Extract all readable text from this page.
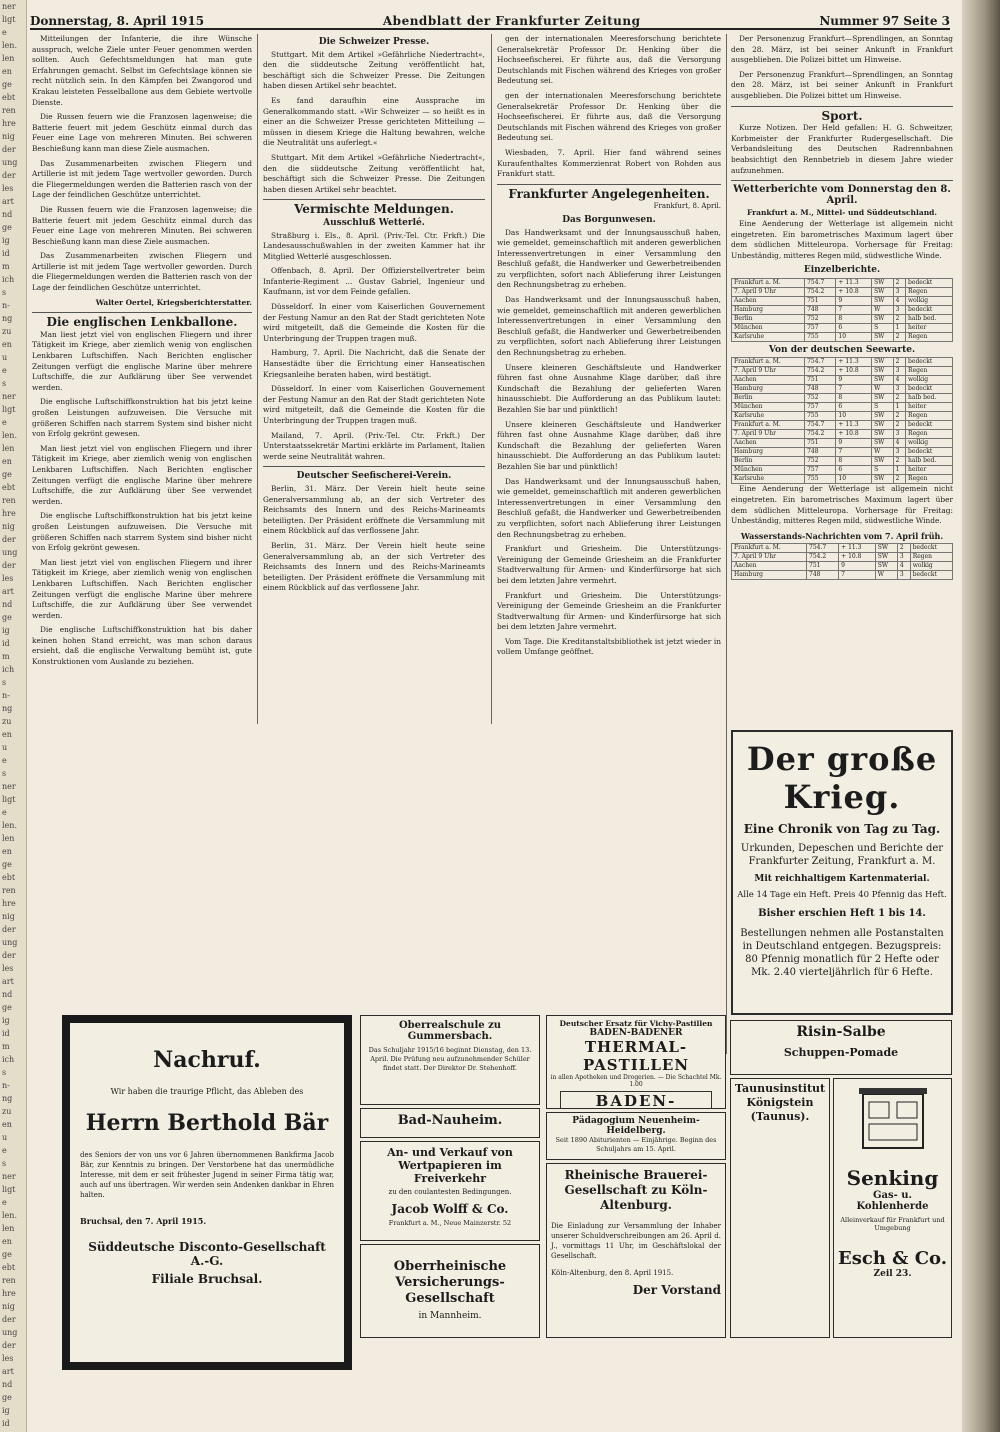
ner
ligt
e
len.
len
en
ge
ebt
ren
hre
nig
der
ung
der
les
art
nd
ge
ig
id
m
ich
s
n-
ng
zu
en
u
e
s
ner
ligt
e
len.
len
en
ge
ebt
ren
hre
nig
der
ung
der
les
art
nd
ge
ig
id
m
ich
s
n-
ng
zu
en
u
e
s
ner
ligt
e
len.
len
en
ge
ebt
ren
hre
nig
der
ung
der
les
art
nd
ge
ig
id
m
ich
s
n-
ng
zu
en
u
e
s
ner
ligt
e
len.
len
en
ge
ebt
ren
hre
nig
der
ung
der
les
art
nd
ge
ig
id
Donnerstag, 8. April 1915	Abendblatt der Frankfurter Zeitung	Nummer 97 Seite 3

Mitteilungen der Infanterie, die ihre Wünsche ausspruch, welche Ziele unter Feuer genommen werden sollten. Auch Gefechtsmeldungen hat man gute Erfahrungen gemacht. Selbst im Gefechtslage können sie recht nützlich sein. In den Kämpfen bei Zwangorod und Krakau leisteten Fesselballone aus dem Gebiete wertvolle Dienste.

Die Russen feuern wie die Franzosen lagenweise; die Batterie feuert mit jedem Geschütz einmal durch das Feuer eine Lage von mehreren Minuten. Bei schweren Beschießung kann man diese Ziele ausmachen.

Das Zusammenarbeiten zwischen Fliegern und Artillerie ist mit jedem Tage wertvoller geworden. Durch die Fliegermeldungen werden die Batterien rasch von der Lage der feindlichen Geschütze unterrichtet.

Die Russen feuern wie die Franzosen lagenweise; die Batterie feuert mit jedem Geschütz einmal durch das Feuer eine Lage von mehreren Minuten. Bei schweren Beschießung kann man diese Ziele ausmachen.

Das Zusammenarbeiten zwischen Fliegern und Artillerie ist mit jedem Tage wertvoller geworden. Durch die Fliegermeldungen werden die Batterien rasch von der Lage der feindlichen Geschütze unterrichtet.

Walter Oertel, Kriegsberichterstatter.

Die englischen Lenkballone.

Man liest jetzt viel von englischen Fliegern und ihrer Tätigkeit im Kriege, aber ziemlich wenig von englischen Lenkbaren Luftschiffen. Nach Berichten englischer Zeitungen verfügt die englische Marine über mehrere Luftschiffe, die zur Aufklärung über See verwendet werden.

Die englische Luftschiffkonstruktion hat bis jetzt keine großen Leistungen aufzuweisen. Die Versuche mit größeren Schiffen nach starrem System sind bisher nicht von Erfolg gekrönt gewesen.

Man liest jetzt viel von englischen Fliegern und ihrer Tätigkeit im Kriege, aber ziemlich wenig von englischen Lenkbaren Luftschiffen. Nach Berichten englischer Zeitungen verfügt die englische Marine über mehrere Luftschiffe, die zur Aufklärung über See verwendet werden.

Die englische Luftschiffkonstruktion hat bis jetzt keine großen Leistungen aufzuweisen. Die Versuche mit größeren Schiffen nach starrem System sind bisher nicht von Erfolg gekrönt gewesen.

Man liest jetzt viel von englischen Fliegern und ihrer Tätigkeit im Kriege, aber ziemlich wenig von englischen Lenkbaren Luftschiffen. Nach Berichten englischer Zeitungen verfügt die englische Marine über mehrere Luftschiffe, die zur Aufklärung über See verwendet werden.

Die englische Luftschiffkonstruktion hat bis daher keinen hohen Stand erreicht, was man schon daraus ersieht, daß die englische Verwaltung bemüht ist, gute Konstruktionen vom Auslande zu beziehen.

Die Schweizer Presse.

Stuttgart. Mit dem Artikel »Gefährliche Niedertracht«, den die süddeutsche Zeitung veröffentlicht hat, beschäftigt sich die Schweizer Presse. Die Zeitungen haben diesen Artikel sehr beachtet.

Es fand daraufhin eine Aussprache im Generalkommando statt. »Wir Schweizer — so heißt es in einer an die Schweizer Presse gerichteten Mitteilung — müssen in diesem Kriege die Haltung bewahren, welche die Neutralität uns auferlegt.«

Stuttgart. Mit dem Artikel »Gefährliche Niedertracht«, den die süddeutsche Zeitung veröffentlicht hat, beschäftigt sich die Schweizer Presse. Die Zeitungen haben diesen Artikel sehr beachtet.

Vermischte Meldungen.
Ausschluß Wetterlé.

Straßburg i. Els., 8. April. (Priv.-Tel. Ctr. Frkft.) Die Landesausschußwahlen in der zweiten Kammer hat ihr Mitglied Wetterlé ausgeschlossen.

Offenbach, 8. April. Der Offizierstellvertreter beim Infanterie-Regiment ... Gustav Gabriel, Ingenieur und Kaufmann, ist vor dem Feinde gefallen.

Düsseldorf. In einer vom Kaiserlichen Gouvernement der Festung Namur an den Rat der Stadt gerichteten Note wird mitgeteilt, daß die Gemeinde die Kosten für die Unterbringung der Truppen tragen muß.

Hamburg, 7. April. Die Nachricht, daß die Senate der Hansestädte über die Errichtung einer Hanseatischen Kriegsanleihe beraten haben, wird bestätigt.

Düsseldorf. In einer vom Kaiserlichen Gouvernement der Festung Namur an den Rat der Stadt gerichteten Note wird mitgeteilt, daß die Gemeinde die Kosten für die Unterbringung der Truppen tragen muß.

Mailand, 7. April. (Priv.-Tel. Ctr. Frkft.) Der Unterstaatssekretär Martini erklärte im Parlament, Italien werde seine Neutralität wahren.

Deutscher Seefischerei-Verein.

Berlin, 31. März. Der Verein hielt heute seine Generalversammlung ab, an der sich Vertreter des Reichsamts des Innern und des Reichs-Marineamts beteiligten. Der Präsident eröffnete die Versammlung mit einem Rückblick auf das verflossene Jahr.

Berlin, 31. März. Der Verein hielt heute seine Generalversammlung ab, an der sich Vertreter des Reichsamts des Innern und des Reichs-Marineamts beteiligten. Der Präsident eröffnete die Versammlung mit einem Rückblick auf das verflossene Jahr.

gen der internationalen Meeresforschung berichtete Generalsekretär Professor Dr. Henking über die Hochseefischerei. Er führte aus, daß die Versorgung Deutschlands mit Fischen während des Krieges von großer Bedeutung sei.

gen der internationalen Meeresforschung berichtete Generalsekretär Professor Dr. Henking über die Hochseefischerei. Er führte aus, daß die Versorgung Deutschlands mit Fischen während des Krieges von großer Bedeutung sei.

Wiesbaden, 7. April. Hier fand während seines Kuraufenthaltes Kommerzienrat Robert von Rohden aus Frankfurt statt.

Frankfurter Angelegenheiten.
Frankfurt, 8. April.
Das Borgunwesen.

Das Handwerksamt und der Innungsausschuß haben, wie gemeldet, gemeinschaftlich mit anderen gewerblichen Interessenvertretungen in einer Versammlung den Beschluß gefaßt, die Handwerker und Gewerbetreibenden zu verpflichten, sofort nach Ablieferung ihrer Leistungen den Rechnungsbetrag zu erheben.

Das Handwerksamt und der Innungsausschuß haben, wie gemeldet, gemeinschaftlich mit anderen gewerblichen Interessenvertretungen in einer Versammlung den Beschluß gefaßt, die Handwerker und Gewerbetreibenden zu verpflichten, sofort nach Ablieferung ihrer Leistungen den Rechnungsbetrag zu erheben.

Unsere kleineren Geschäftsleute und Handwerker führen fast ohne Ausnahme Klage darüber, daß ihre Kundschaft die Bezahlung der gelieferten Waren hinausschiebt. Die Aufforderung an das Publikum lautet: Bezahlen Sie bar und pünktlich!

Unsere kleineren Geschäftsleute und Handwerker führen fast ohne Ausnahme Klage darüber, daß ihre Kundschaft die Bezahlung der gelieferten Waren hinausschiebt. Die Aufforderung an das Publikum lautet: Bezahlen Sie bar und pünktlich!

Das Handwerksamt und der Innungsausschuß haben, wie gemeldet, gemeinschaftlich mit anderen gewerblichen Interessenvertretungen in einer Versammlung den Beschluß gefaßt, die Handwerker und Gewerbetreibenden zu verpflichten, sofort nach Ablieferung ihrer Leistungen den Rechnungsbetrag zu erheben.

Frankfurt und Griesheim. Die Unterstützungs-Vereinigung der Gemeinde Griesheim an die Frankfurter Stadtverwaltung für Armen- und Kinderfürsorge hat sich bei dem letzten Jahre vermehrt.

Frankfurt und Griesheim. Die Unterstützungs-Vereinigung der Gemeinde Griesheim an die Frankfurter Stadtverwaltung für Armen- und Kinderfürsorge hat sich bei dem letzten Jahre vermehrt.

Vom Tage. Die Kreditanstaltsbibliothek ist jetzt wieder in vollem Umfange geöffnet.

Der Personenzug Frankfurt—Sprendlingen, an Sonntag den 28. März, ist bei seiner Ankunft in Frankfurt ausgeblieben. Die Polizei bittet um Hinweise.

Der Personenzug Frankfurt—Sprendlingen, an Sonntag den 28. März, ist bei seiner Ankunft in Frankfurt ausgeblieben. Die Polizei bittet um Hinweise.

Sport.

Kurze Notizen. Der Held gefallen: H. G. Schweitzer, Korbmeister der Frankfurter Rudergesellschaft. Die Verbandsleitung des Deutschen Radrennbahnen beabsichtigt den Rennbetrieb in diesem Jahre wieder aufzunehmen.

Wetterberichte vom Donnerstag den 8. April.
Frankfurt a. M., Mittel- und Süddeutschland.

Eine Aenderung der Wetterlage ist allgemein nicht eingetreten. Ein barometrisches Maximum lagert über dem südlichen Mitteleuropa. Vorhersage für Freitag: Unbeständig, mitteres Regen mild, südwestliche Winde.

Einzelberichte.
Frankfurt a. M.	754.7	+ 11.3	SW	2	bedeckt
7. April 9 Uhr	754.2	+ 10.8	SW	3	Regen
Aachen	751	9	SW	4	wolkig
Hamburg	748	7	W	3	bedeckt
Berlin	752	8	SW	2	halb bed.
München	757	6	S	1	heiter
Karlsruhe	755	10	SW	2	Regen
Von der deutschen Seewarte.
Frankfurt a. M.	754.7	+ 11.3	SW	2	bedeckt
7. April 9 Uhr	754.2	+ 10.8	SW	3	Regen
Aachen	751	9	SW	4	wolkig
Hamburg	748	7	W	3	bedeckt
Berlin	752	8	SW	2	halb bed.
München	757	6	S	1	heiter
Karlsruhe	755	10	SW	2	Regen
Frankfurt a. M.	754.7	+ 11.3	SW	2	bedeckt
7. April 9 Uhr	754.2	+ 10.8	SW	3	Regen
Aachen	751	9	SW	4	wolkig
Hamburg	748	7	W	3	bedeckt
Berlin	752	8	SW	2	halb bed.
München	757	6	S	1	heiter
Karlsruhe	755	10	SW	2	Regen

Eine Aenderung der Wetterlage ist allgemein nicht eingetreten. Ein barometrisches Maximum lagert über dem südlichen Mitteleuropa. Vorhersage für Freitag: Unbeständig, mitteres Regen mild, südwestliche Winde.

Wasserstands-Nachrichten vom 7. April früh.
Frankfurt a. M.	754.7	+ 11.3	SW	2	bedeckt
7. April 9 Uhr	754.2	+ 10.8	SW	3	Regen
Aachen	751	9	SW	4	wolkig
Hamburg	748	7	W	3	bedeckt
Der große Krieg.
Eine Chronik von Tag zu Tag.
Urkunden, Depeschen und Berichte der Frankfurter Zeitung, Frankfurt a. M.
Mit reichhaltigem Kartenmaterial.
Alle 14 Tage ein Heft. Preis 40 Pfennig das Heft.
Bisher erschien Heft 1 bis 14.
Bestellungen nehmen alle Postanstalten in Deutschland entgegen. Bezugspreis: 80 Pfennig monatlich für 2 Hefte oder Mk. 2.40 vierteljährlich für 6 Hefte.
Nachruf.
Wir haben die traurige Pflicht, das Ableben des
Herrn Berthold Bär
des Seniors der von uns vor 6 Jahren übernommenen Bankfirma Jacob Bär, zur Kenntnis zu bringen. Der Verstorbene hat das unermüdliche Interesse, mit dem er seit frühester Jugend in seiner Firma tätig war, auch auf uns übertragen. Wir werden sein Andenken dankbar in Ehren halten.
Bruchsal, den 7. April 1915.
Süddeutsche Disconto-Gesellschaft A.-G.
Filiale Bruchsal.
Oberrealschule zu Gummersbach.
Das Schuljahr 1915/16 beginnt Dienstag, den 13. April. Die Prüfung neu aufzunehmender Schüler findet statt. Der Direktor Dr. Stehenhoff.
Bad-Nauheim.
An- und Verkauf von Wertpapieren im Freiverkehr
zu den coulantesten Bedingungen.
Jacob Wolff & Co.
Frankfurt a. M., Neue Mainzerstr. 52
Oberrheinische Versicherungs-Gesellschaft
in Mannheim.
Deutscher Ersatz für Vichy-Pastillen
BADEN-BADENER
THERMAL-PASTILLEN
in allen Apotheken und Drogerien. — Die Schachtel Mk. 1.00
BADEN-
Pädagogium Neuenheim-Heidelberg.
Seit 1890 Abiturienten — Einjährige. Beginn des Schuljahrs am 15. April.
Rheinische Brauerei-Gesellschaft zu Köln-Altenburg.
Die Einladung zur Versammlung der Inhaber unserer Schuldverschreibungen am 26. April d. J., vormittags 11 Uhr, im Geschäftslokal der Gesellschaft.
Köln-Altenburg, den 8. April 1915.
Der Vorstand
Risin-Salbe
Schuppen-Pomade
Taunusinstitut Königstein (Taunus).
Senking
Gas- u. Kohlenherde
Alleinverkauf für Frankfurt und Umgebung
Esch & Co.
Zeil 23.
